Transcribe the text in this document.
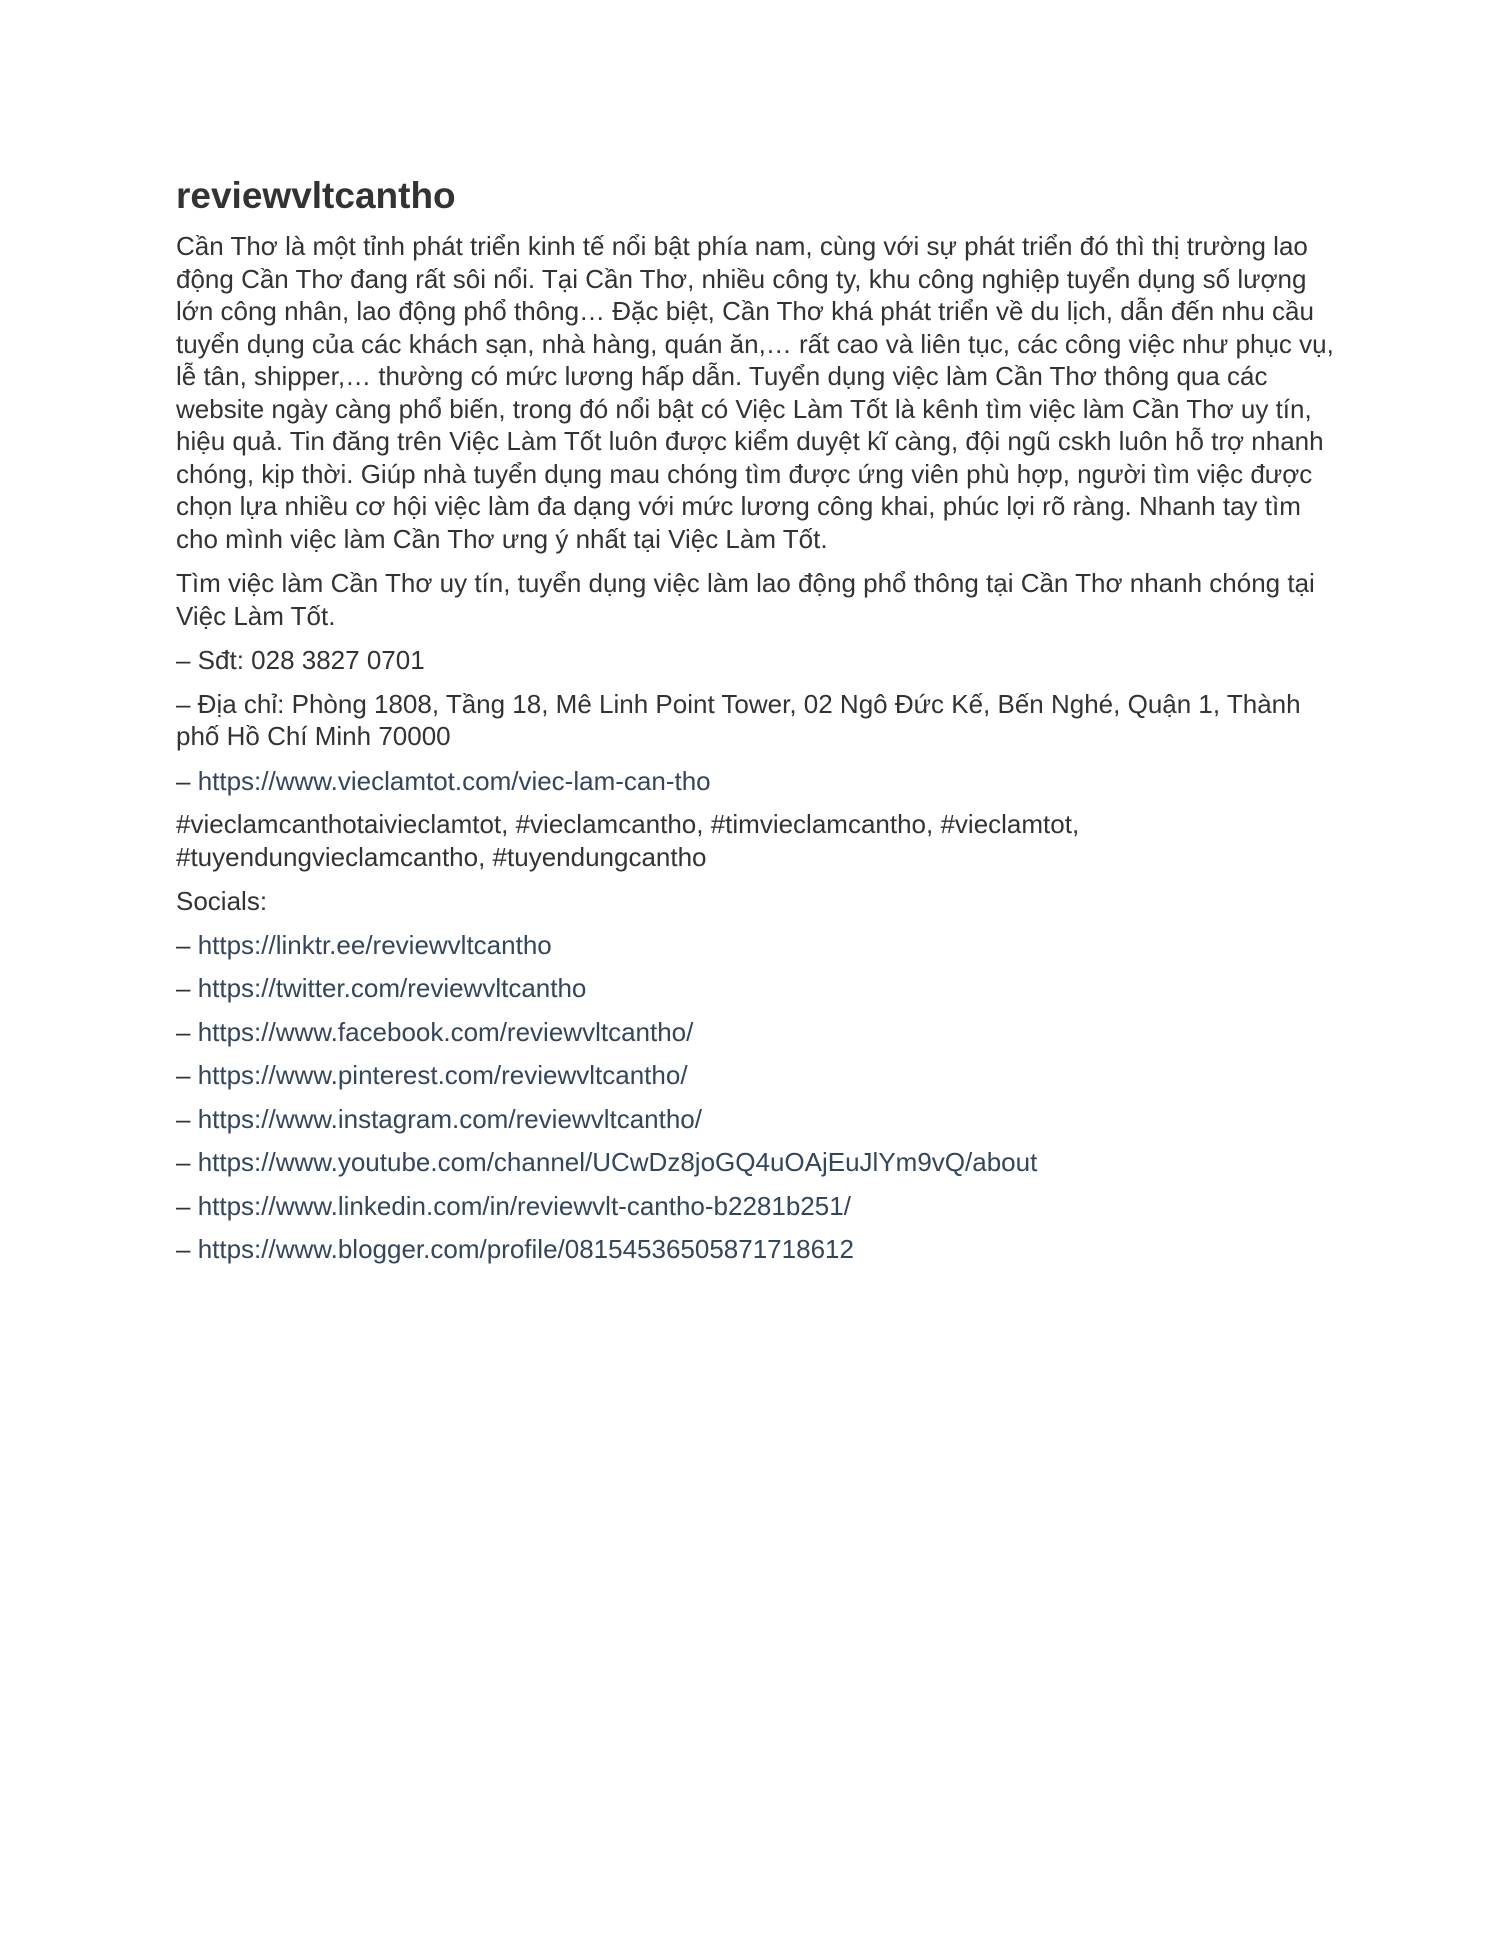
reviewvltcantho
Cần Thơ là một tỉnh phát triển kinh tế nổi bật phía nam, cùng với sự phát triển đó thì thị trường lao động Cần Thơ đang rất sôi nổi. Tại Cần Thơ, nhiều công ty, khu công nghiệp tuyển dụng số lượng lớn công nhân, lao động phổ thông… Đặc biệt, Cần Thơ khá phát triển về du lịch, dẫn đến nhu cầu tuyển dụng của các khách sạn, nhà hàng, quán ăn,… rất cao và liên tục, các công việc như phục vụ, lễ tân, shipper,… thường có mức lương hấp dẫn. Tuyển dụng việc làm Cần Thơ thông qua các website ngày càng phổ biến, trong đó nổi bật có Việc Làm Tốt là kênh tìm việc làm Cần Thơ uy tín, hiệu quả. Tin đăng trên Việc Làm Tốt luôn được kiểm duyệt kĩ càng, đội ngũ cskh luôn hỗ trợ nhanh chóng, kịp thời. Giúp nhà tuyển dụng mau chóng tìm được ứng viên phù hợp, người tìm việc được chọn lựa nhiều cơ hội việc làm đa dạng với mức lương công khai, phúc lợi rõ ràng. Nhanh tay tìm cho mình việc làm Cần Thơ ưng ý nhất tại Việc Làm Tốt.
Tìm việc làm Cần Thơ uy tín, tuyển dụng việc làm lao động phổ thông tại Cần Thơ nhanh chóng tại Việc Làm Tốt.
– Sđt: 028 3827 0701
– Địa chỉ: Phòng 1808, Tầng 18, Mê Linh Point Tower, 02 Ngô Đức Kế, Bến Nghé, Quận 1, Thành phố Hồ Chí Minh 70000
– https://www.vieclamtot.com/viec-lam-can-tho
#vieclamcanthotaivieclamtot, #vieclamcantho, #timvieclamcantho, #vieclamtot, #tuyendungvieclamcantho, #tuyendungcantho
Socials:
– https://linktr.ee/reviewvltcantho
– https://twitter.com/reviewvltcantho
– https://www.facebook.com/reviewvltcantho/
– https://www.pinterest.com/reviewvltcantho/
– https://www.instagram.com/reviewvltcantho/
– https://www.youtube.com/channel/UCwDz8joGQ4uOAjEuJlYm9vQ/about
– https://www.linkedin.com/in/reviewvlt-cantho-b2281b251/
– https://www.blogger.com/profile/08154536505871718612
